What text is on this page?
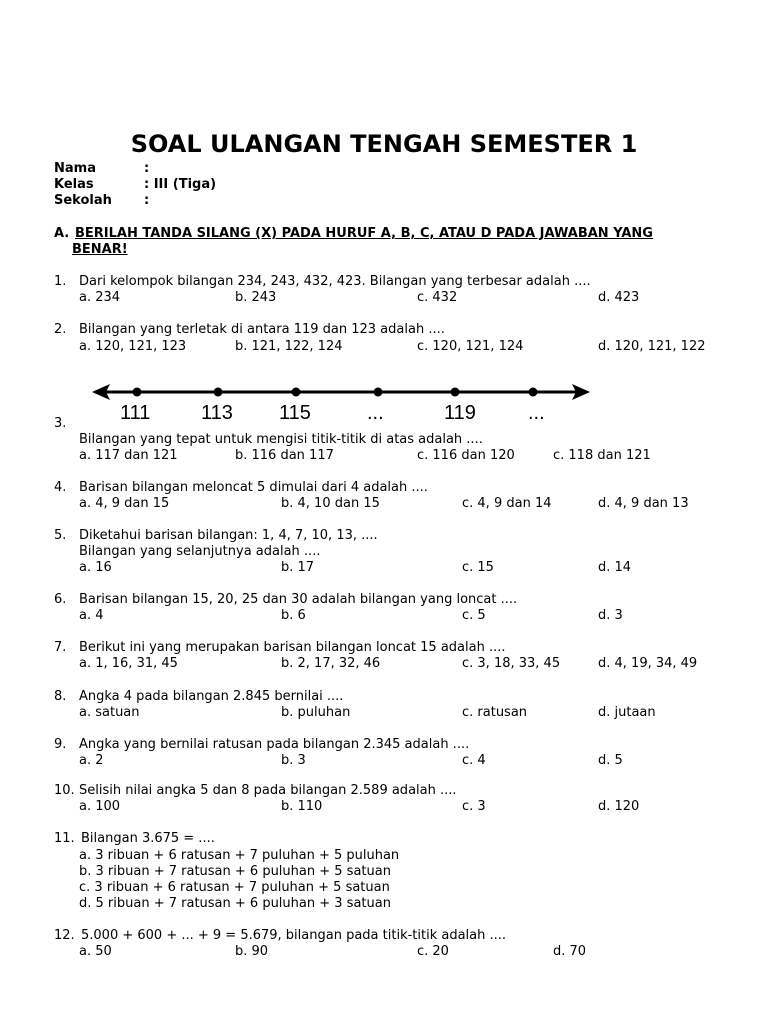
SOAL ULANGAN TENGAH SEMESTER 1
Nama	:
Kelas	: III (Tiga)
Sekolah :
A. BERILAH TANDA SILANG (X) PADA HURUF A, B, C, ATAU D PADA JAWABAN YANG
BENAR!
1. Dari kelompok bilangan 234, 243, 432, 423. Bilangan yang terbesar adalah ....
a. 234	b. 243	c. 432	d. 423
2. Bilangan yang terletak di antara 119 dan 123 adalah ....
a. 120, 121, 123	b. 121, 122, 124	c. 120, 121, 124	d. 120, 121, 122
111	113 115	...	119	...
3.
Bilangan yang tepat untuk mengisi titik-titik di atas adalah ....
a. 117 dan 121	b. 116 dan 117	c. 116 dan 120	c. 118 dan 121
4. Barisan bilangan meloncat 5 dimulai dari 4 adalah ....
a. 4, 9 dan 15	b. 4, 10 dan 15	c. 4, 9 dan 14	d. 4, 9 dan 13
5. Diketahui barisan bilangan: 1, 4, 7, 10, 13, ....
Bilangan yang selanjutnya adalah ....
a. 16	b. 17	c. 15	d. 14
6. Barisan bilangan 15, 20, 25 dan 30 adalah bilangan yang loncat ....
a. 4	b. 6	c. 5	d. 3
7. Berikut ini yang merupakan barisan bilangan loncat 15 adalah ....
a. 1, 16, 31, 45	b. 2, 17, 32, 46	c. 3, 18, 33, 45	d. 4, 19, 34, 49
8. Angka 4 pada bilangan 2.845 bernilai ....
a. satuan	b. puluhan	c. ratusan	d. jutaan
9. Angka yang bernilai ratusan pada bilangan 2.345 adalah ....
a. 2	b. 3	c. 4	d. 5
10. Selisih nilai angka 5 dan 8 pada bilangan 2.589 adalah ....
a. 100	b. 110	c. 3	d. 120
11. Bilangan 3.675 = ....
a. 3 ribuan + 6 ratusan + 7 puluhan + 5 puluhan
b. 3 ribuan + 7 ratusan + 6 puluhan + 5 satuan
c. 3 ribuan + 6 ratusan + 7 puluhan + 5 satuan
d. 5 ribuan + 7 ratusan + 6 puluhan + 3 satuan
12. 5.000 + 600 + ... + 9 = 5.679, bilangan pada titik-titik adalah ....
a. 50	b. 90	c. 20	d. 70
